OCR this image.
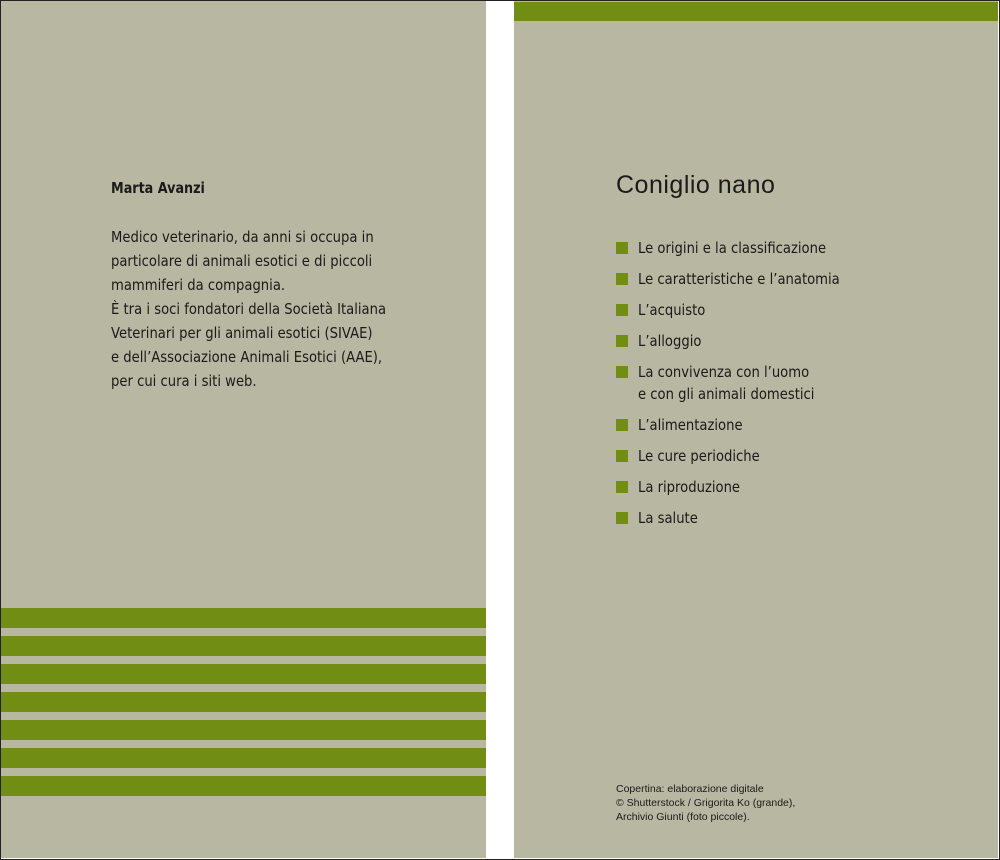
Marta Avanzi
Medico veterinario, da anni si occupa in
particolare di animali esotici e di piccoli
mammiferi da compagnia.
È tra i soci fondatori della Società Italiana
Veterinari per gli animali esotici (SIVAE)
e dell’Associazione Animali Esotici (AAE),
per cui cura i siti web.
Coniglio nano
Le origini e la classificazione
Le caratteristiche e l’anatomia
L’acquisto
L’alloggio
La convivenza con l’uomo
e con gli animali domestici
L’alimentazione
Le cure periodiche
La riproduzione
La salute
Copertina: elaborazione digitale
© Shutterstock / Grigorita Ko (grande),
Archivio Giunti (foto piccole).
